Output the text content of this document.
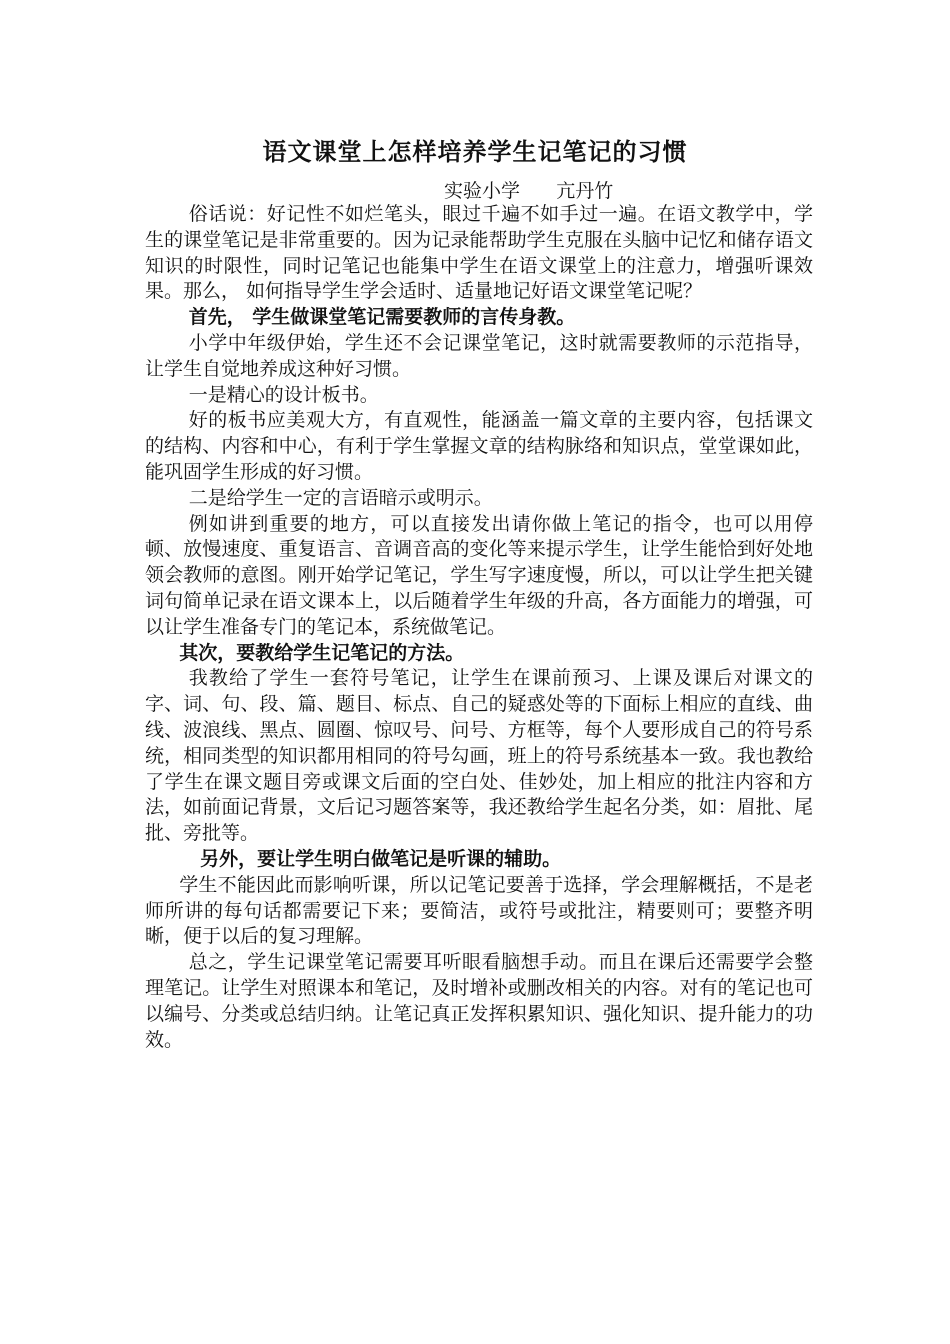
语文课堂上怎样培养学生记笔记的习惯
实验小学      亢丹竹

俗话说：好记性不如烂笔头，眼过千遍不如手过一遍。在语文教学中，学生的课堂笔记是非常重要的。因为记录能帮助学生克服在头脑中记忆和储存语文知识的时限性，同时记笔记也能集中学生在语文课堂上的注意力，增强听课效果。那么， 如何指导学生学会适时、适量地记好语文课堂笔记呢？

首先， 学生做课堂笔记需要教师的言传身教。

小学中年级伊始，学生还不会记课堂笔记，这时就需要教师的示范指导，让学生自觉地养成这种好习惯。

一是精心的设计板书。

好的板书应美观大方，有直观性，能涵盖一篇文章的主要内容，包括课文的结构、内容和中心，有利于学生掌握文章的结构脉络和知识点，堂堂课如此，能巩固学生形成的好习惯。

二是给学生一定的言语暗示或明示。

例如讲到重要的地方，可以直接发出请你做上笔记的指令，也可以用停顿、放慢速度、重复语言、音调音高的变化等来提示学生，让学生能恰到好处地领会教师的意图。刚开始学记笔记，学生写字速度慢，所以，可以让学生把关键词句简单记录在语文课本上，以后随着学生年级的升高，各方面能力的增强，可以让学生准备专门的笔记本，系统做笔记。

其次，要教给学生记笔记的方法。

我教给了学生一套符号笔记，让学生在课前预习、上课及课后对课文的字、词、句、段、篇、题目、标点、自己的疑惑处等的下面标上相应的直线、曲线、波浪线、黑点、圆圈、惊叹号、问号、方框等，每个人要形成自己的符号系统，相同类型的知识都用相同的符号勾画，班上的符号系统基本一致。我也教给了学生在课文题目旁或课文后面的空白处、佳妙处，加上相应的批注内容和方法，如前面记背景，文后记习题答案等，我还教给学生起名分类，如：眉批、尾批、旁批等。

另外，要让学生明白做笔记是听课的辅助。

学生不能因此而影响听课，所以记笔记要善于选择，学会理解概括，不是老师所讲的每句话都需要记下来；要简洁，或符号或批注，精要则可；要整齐明晰，便于以后的复习理解。

总之，学生记课堂笔记需要耳听眼看脑想手动。而且在课后还需要学会整理笔记。让学生对照课本和笔记，及时增补或删改相关的内容。对有的笔记也可以编号、分类或总结归纳。让笔记真正发挥积累知识、强化知识、提升能力的功效。
